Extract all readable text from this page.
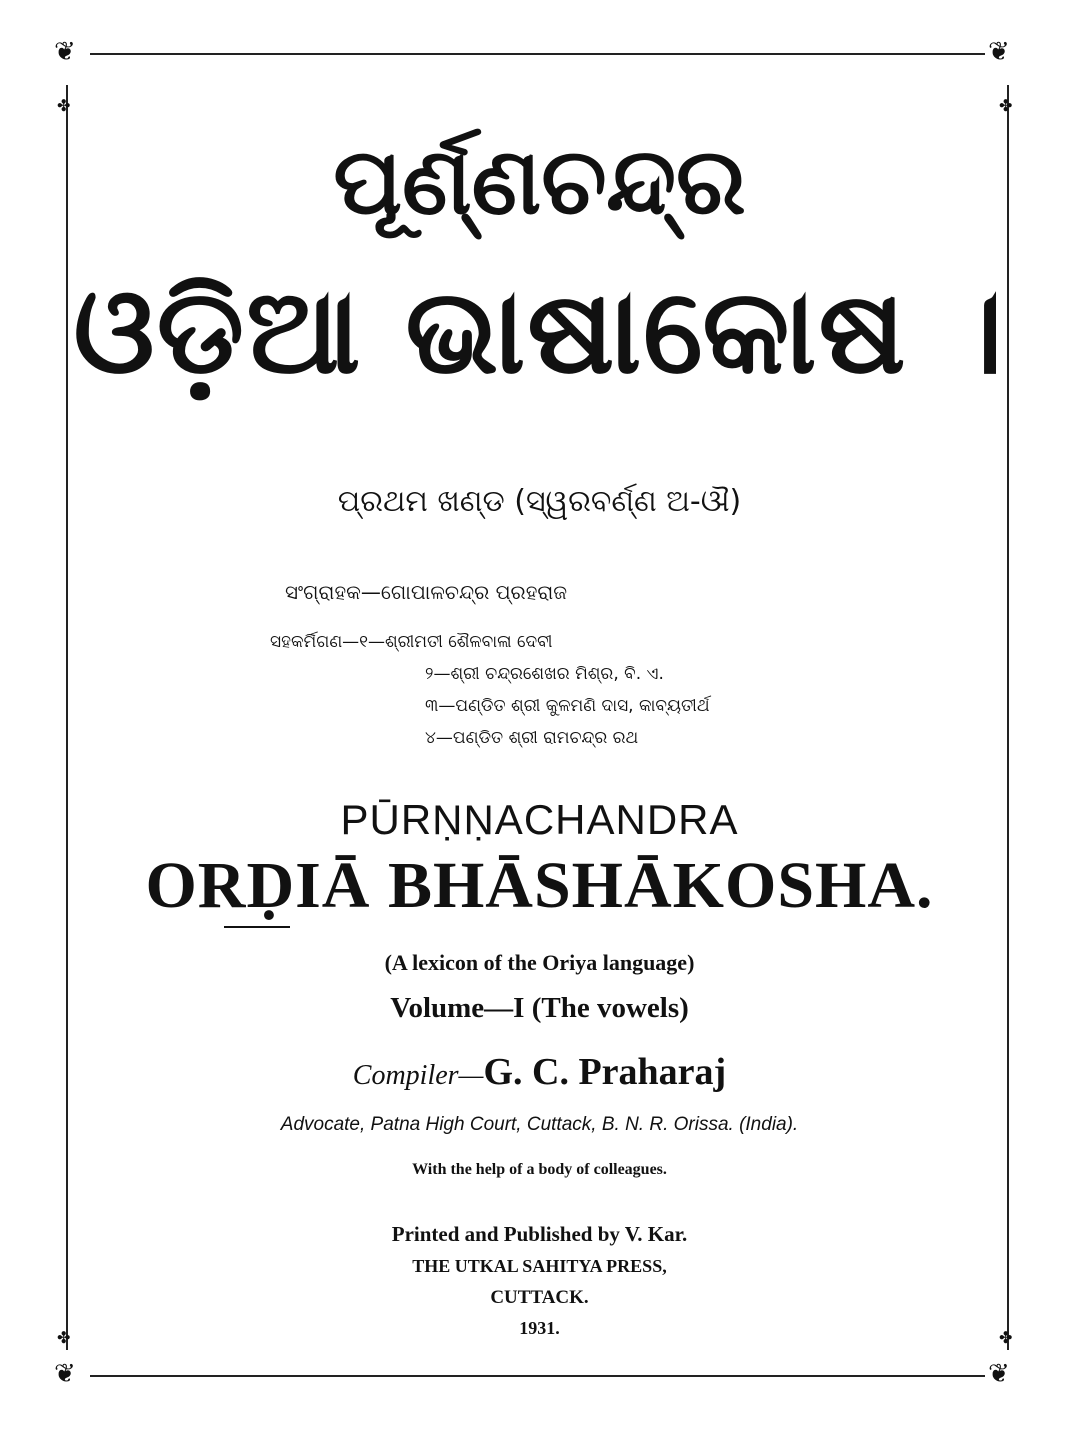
❦	❦
❦	❦
✤	✤
✤	✤
ପୂର୍ଣ୍ଣଚନ୍ଦ୍ର
ଓଡ଼ିଆ ଭାଷାକୋଷ ।
ପ୍ରଥମ ଖଣ୍ଡ (ସ୍ୱରବର୍ଣ୍ଣ ଅ-ଔ)
ସଂଗ୍ରାହକ—ଗୋପାଳଚନ୍ଦ୍ର ପ୍ରହରାଜ
ସହକର୍ମିଗଣ—୧—ଶ୍ରୀମତୀ ଶୈଳବାଳା ଦେବୀ
୨—ଶ୍ରୀ ଚନ୍ଦ୍ରଶେଖର ମିଶ୍ର, ବି. ଏ.
୩—ପଣ୍ଡିତ ଶ୍ରୀ କୁଳମଣି ଦାସ, କାବ୍ୟତୀର୍ଥ
୪—ପଣ୍ଡିତ ଶ୍ରୀ ରାମଚନ୍ଦ୍ର ରଥ
PŪRṆṆACHANDRA
ORḌIĀ BHĀSHĀKOSHA.
(A lexicon of the Oriya language)
Volume—I (The vowels)
Compiler—G. C. Praharaj
Advocate, Patna High Court, Cuttack, B. N. R. Orissa. (India).
With the help of a body of colleagues.
Printed and Published by V. Kar.
THE UTKAL SAHITYA PRESS,
CUTTACK.
1931.
